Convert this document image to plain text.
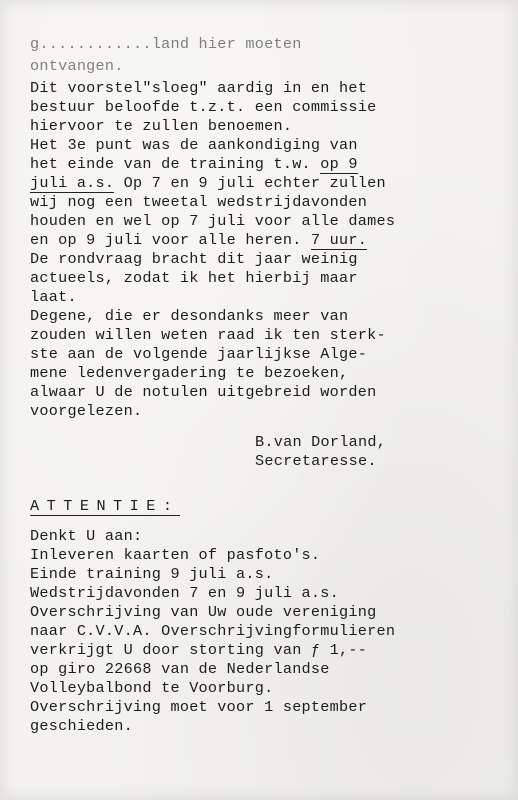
g............land hier moeten
ontvangen.
Dit voorstel"sloeg" aardig in en het
bestuur beloofde t.z.t. een commissie
hiervoor te zullen benoemen.
Het 3e punt was de aankondiging van
het einde van de training t.w. op 9
juli a.s. Op 7 en 9 juli echter zullen
wij nog een tweetal wedstrijdavonden
houden en wel op 7 juli voor alle dames
en op 9 juli voor alle heren. 7 uur.
De rondvraag bracht dit jaar weinig
actueels, zodat ik het hierbij maar
laat.
Degene, die er desondanks meer van
zouden willen weten raad ik ten sterk-
ste aan de volgende jaarlijkse Alge-
mene ledenvergadering te bezoeken,
alwaar U de notulen uitgebreid worden
voorgelezen.
B.van Dorland,
Secretaresse.
ATTENTIE:
Denkt U aan:
Inleveren kaarten of pasfoto's.
Einde training 9 juli a.s.
Wedstrijdavonden 7 en 9 juli a.s.
Overschrijving van Uw oude vereniging
naar C.V.V.A. Overschrijvingformulieren
verkrijgt U door storting van ƒ 1,--
op giro 22668 van de Nederlandse
Volleybalbond te Voorburg.
Overschrijving moet voor 1 september
geschieden.
